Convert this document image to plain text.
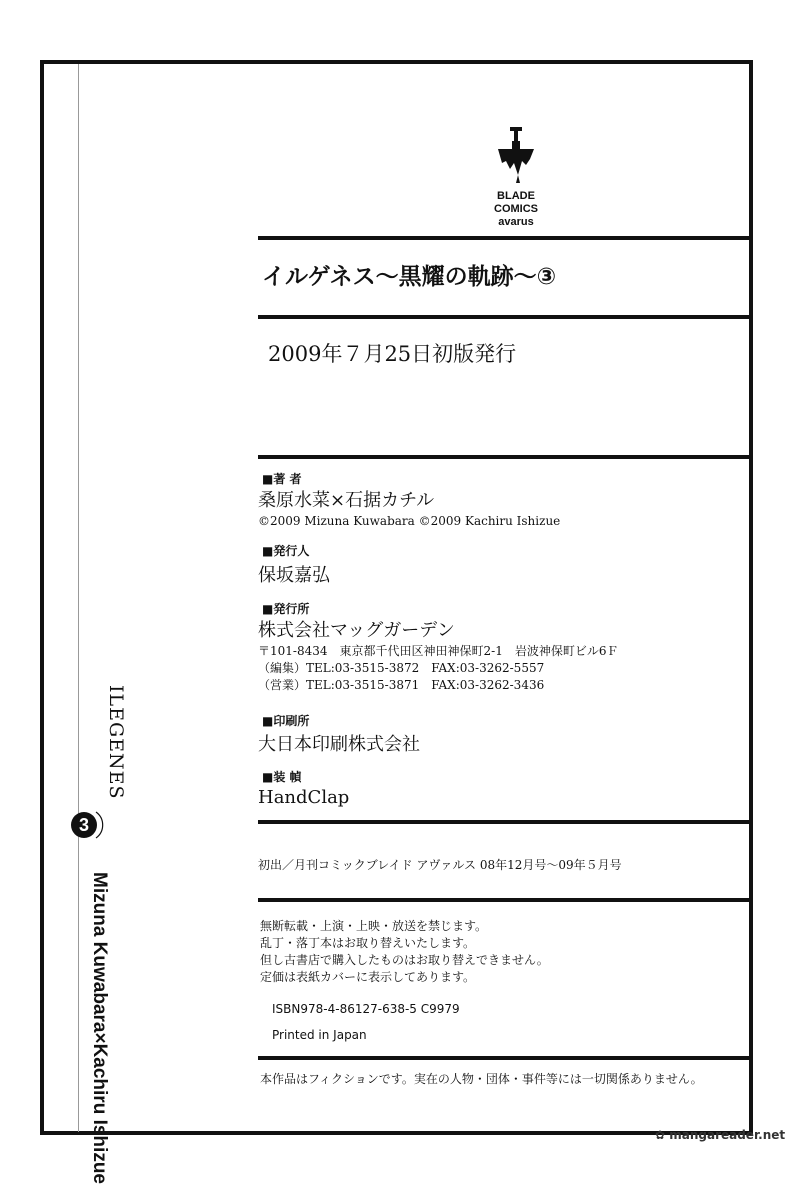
ILEGENES
3
Mizuna Kuwabara×Kachiru Ishizue
BLADE
COMICS
avarus
イルゲネス〜黒耀の軌跡〜③
2009年７月25日初版発行
■著 者
桑原水菜×石据カチル
©2009 Mizuna Kuwabara ©2009 Kachiru Ishizue
■発行人
保坂嘉弘
■発行所
株式会社マッグガーデン
〒101-8434　東京都千代田区神田神保町2-1　岩波神保町ビル6Ｆ
（編集）TEL:03-3515-3872　FAX:03-3262-5557
（営業）TEL:03-3515-3871　FAX:03-3262-3436
■印刷所
大日本印刷株式会社
■装 幀
HandClap
初出／月刊コミックブレイド アヴァルス 08年12月号〜09年５月号
無断転載・上演・上映・放送を禁じます。
乱丁・落丁本はお取り替えいたします。
但し古書店で購入したものはお取り替えできません。
定価は表紙カバーに表示してあります。
ISBN978-4-86127-638-5 C9979
Printed in Japan
本作品はフィクションです。実在の人物・団体・事件等には一切関係ありません。
✿ mangareader.net
